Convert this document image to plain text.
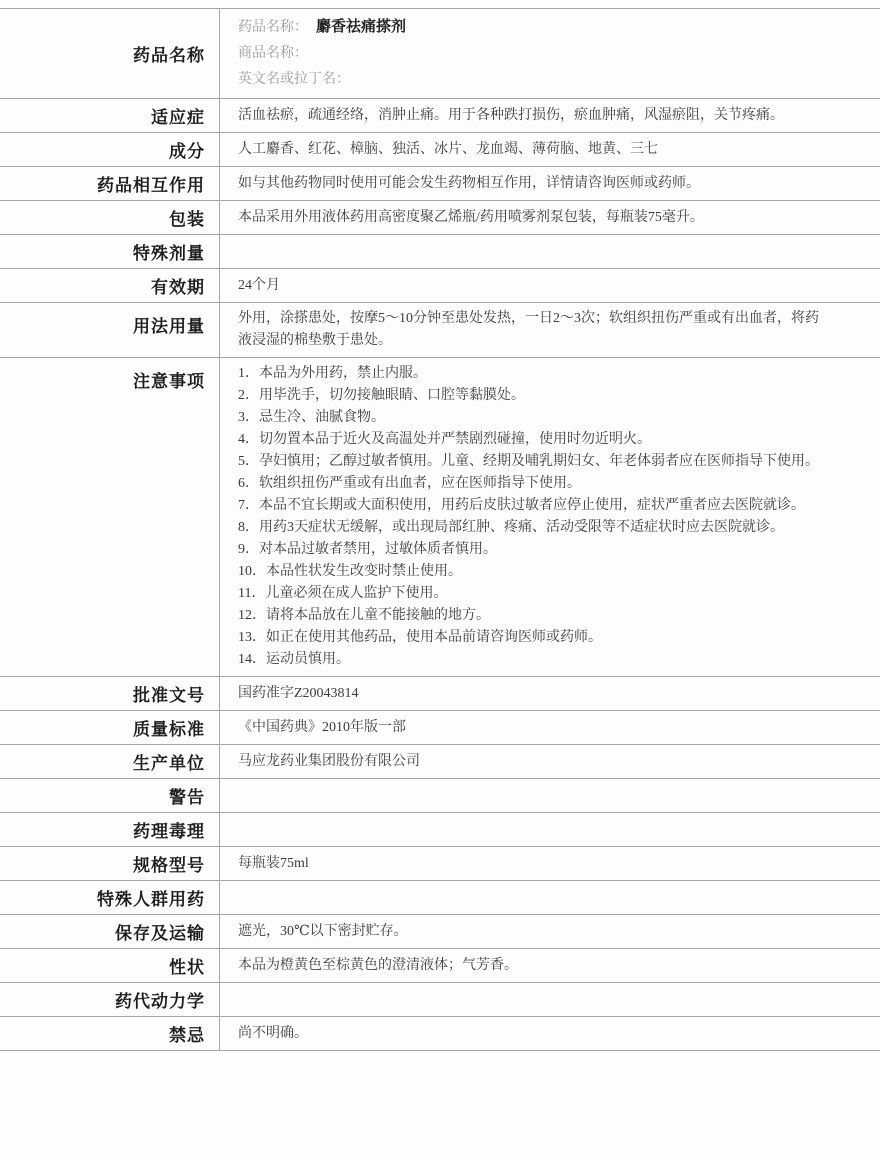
药品名称	药品名称： 麝香祛痛搽剂
商品名称：
英文名或拉丁名：

适应症	活血祛瘀，疏通经络，消肿止痛。用于各种跌打损伤，瘀血肿痛，风湿瘀阻，关节疼痛。

成分	人工麝香、红花、樟脑、独活、冰片、龙血竭、薄荷脑、地黄、三七

药品相互作用	如与其他药物同时使用可能会发生药物相互作用，详情请咨询医师或药师。

包装	本品采用外用液体药用高密度聚乙烯瓶/药用喷雾剂泵包装，每瓶装75毫升。

特殊剂量	

有效期	24个月

用法用量	外用，涂搽患处，按摩5～10分钟至患处发热，一日2～3次；软组织扭伤严重或有出血者，将药液浸湿的棉垫敷于患处。

注意事项	1．本品为外用药，禁止内服。
2．用毕洗手，切勿接触眼睛、口腔等黏膜处。
3．忌生冷、油腻食物。
4．切勿置本品于近火及高温处并严禁剧烈碰撞，使用时勿近明火。
5．孕妇慎用；乙醇过敏者慎用。儿童、经期及哺乳期妇女、年老体弱者应在医师指导下使用。
6．软组织扭伤严重或有出血者，应在医师指导下使用。
7．本品不宜长期或大面积使用，用药后皮肤过敏者应停止使用，症状严重者应去医院就诊。
8．用药3天症状无缓解，或出现局部红肿、疼痛、活动受限等不适症状时应去医院就诊。
9．对本品过敏者禁用，过敏体质者慎用。
10．本品性状发生改变时禁止使用。
11．儿童必须在成人监护下使用。
12．请将本品放在儿童不能接触的地方。
13．如正在使用其他药品，使用本品前请咨询医师或药师。
14．运动员慎用。

批准文号	国药准字Z20043814

质量标准	《中国药典》2010年版一部

生产单位	马应龙药业集团股份有限公司

警告	

药理毒理	

规格型号	每瓶装75ml

特殊人群用药	

保存及运输	遮光，30℃以下密封贮存。

性状	本品为橙黄色至棕黄色的澄清液体；气芳香。

药代动力学	

禁忌	尚不明确。
